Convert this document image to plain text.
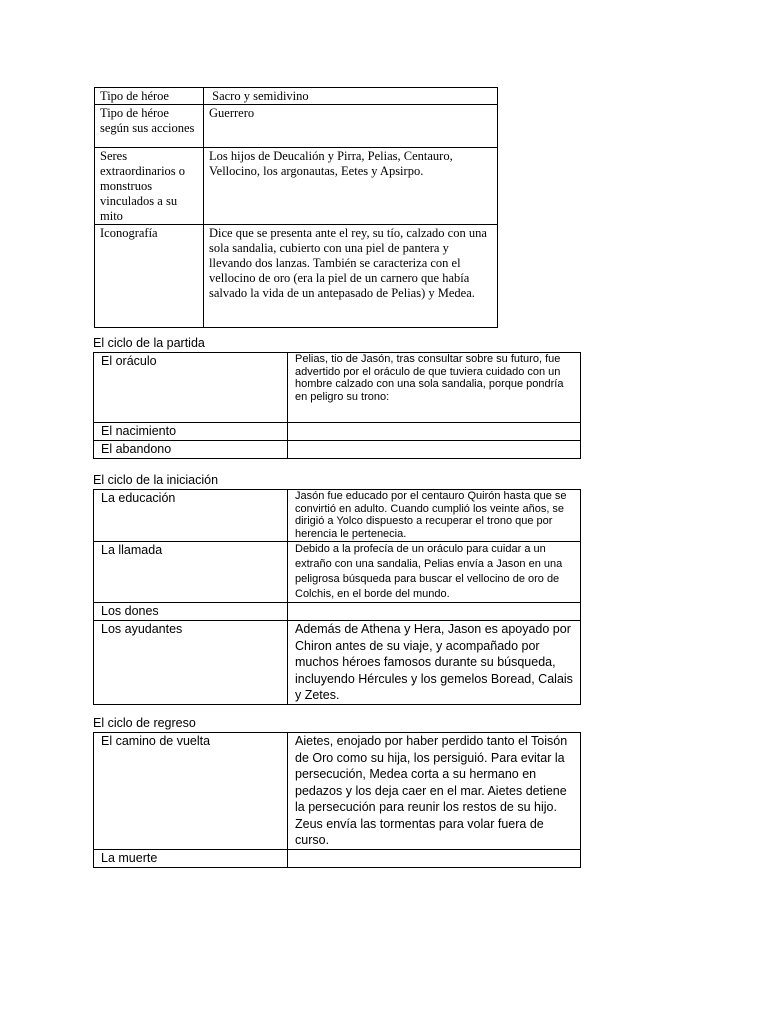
Tipo de héroe	Sacro y semidivino

Tipo de héroe según sus acciones	Guerrero

Seres extraordinarios o monstruos vinculados a su mito	Los hijos de Deucalión y Pirra, Pelias, Centauro, Vellocino, los argonautas, Eetes y Apsirpo.

Iconografía	Dice que se presenta ante el rey, su tío, calzado con una sola sandalia, cubierto con una piel de pantera y llevando dos lanzas. También se caracteriza con el vellocino de oro (era la piel de un carnero que había salvado la vida de un antepasado de Pelias) y Medea.
El ciclo de la partida
El oráculo	Pelias, tio de Jasón, tras consultar sobre su futuro, fue advertido por el oráculo de que tuviera cuidado con un hombre calzado con una sola sandalia, porque pondría en peligro su trono:

El nacimiento	

El abandono	

El ciclo de la iniciación
La educación	Jasón fue educado por el centauro Quirón hasta que se convirtió en adulto. Cuando cumplió los veinte años, se dirigió a Yolco dispuesto a recuperar el trono que por herencia le pertenecia.

La llamada	Debido a la profecía de un oráculo para cuidar a un extraño con una sandalia, Pelias envía a Jason en una peligrosa búsqueda para buscar el vellocino de oro de Colchis, en el borde del mundo.

Los dones	

Los ayudantes	Además de Athena y Hera, Jason es apoyado por Chiron antes de su viaje, y acompañado por muchos héroes famosos durante su búsqueda, incluyendo Hércules y los gemelos Boread, Calais y Zetes.
El ciclo de regreso
El camino de vuelta	Aietes, enojado por haber perdido tanto el Toisón de Oro como su hija, los persiguió. Para evitar la persecución, Medea corta a su hermano en pedazos y los deja caer en el mar. Aietes detiene la persecución para reunir los restos de su hijo. Zeus envía las tormentas para volar fuera de curso.

La muerte	
